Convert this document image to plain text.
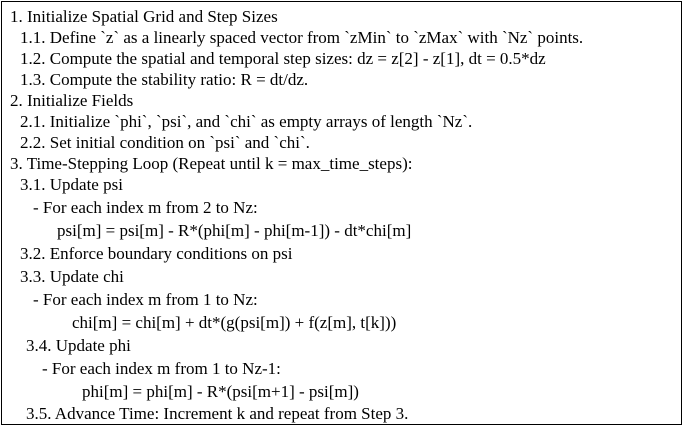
1. Initialize Spatial Grid and Step Sizes
1.1. Define `z` as a linearly spaced vector from `zMin` to `zMax` with `Nz` points.
1.2. Compute the spatial and temporal step sizes: dz = z[2] - z[1], dt = 0.5*dz
1.3. Compute the stability ratio: R = dt/dz.
2. Initialize Fields
2.1. Initialize `phi`, `psi`, and `chi` as empty arrays of length `Nz`.
2.2. Set initial condition on `psi` and `chi`.
3. Time-Stepping Loop (Repeat until k = max_time_steps):
3.1. Update psi
- For each index m from 2 to Nz:
psi[m] = psi[m] - R*(phi[m] - phi[m-1]) - dt*chi[m]
3.2. Enforce boundary conditions on psi
3.3. Update chi
- For each index m from 1 to Nz:
chi[m] = chi[m] + dt*(g(psi[m]) + f(z[m], t[k]))
3.4. Update phi
- For each index m from 1 to Nz-1:
phi[m] = phi[m] - R*(psi[m+1] - psi[m])
3.5. Advance Time: Increment k and repeat from Step 3.
